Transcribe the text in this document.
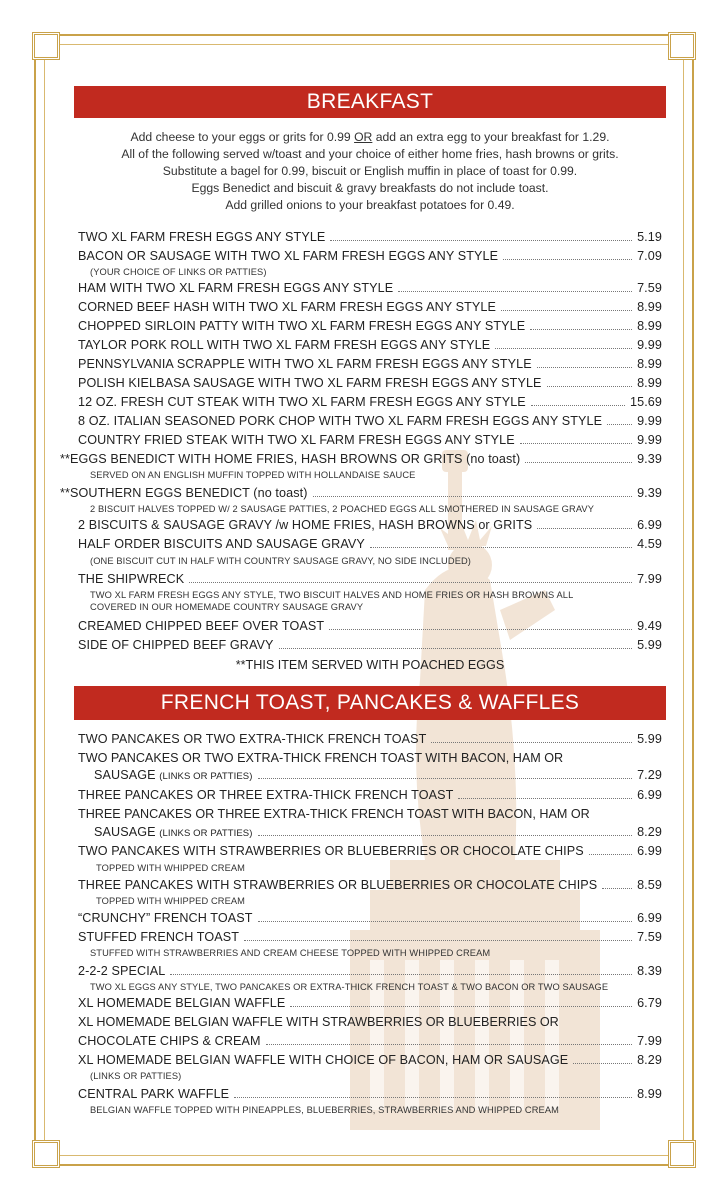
BREAKFAST
Add cheese to your eggs or grits for 0.99 OR add an extra egg to your breakfast for 1.29.
All of the following served w/toast and your choice of either home fries, hash browns or grits.
Substitute a bagel for 0.99, biscuit or English muffin in place of toast for 0.99.
Eggs Benedict and biscuit & gravy breakfasts do not include toast.
Add grilled onions to your breakfast potatoes for 0.49.
TWO XL FARM FRESH EGGS ANY STYLE	5.19
BACON OR SAUSAGE WITH TWO XL FARM FRESH EGGS ANY STYLE	7.09
(YOUR CHOICE OF LINKS OR PATTIES)
HAM WITH TWO XL FARM FRESH EGGS ANY STYLE	7.59
CORNED BEEF HASH WITH TWO XL FARM FRESH EGGS ANY STYLE	8.99
CHOPPED SIRLOIN PATTY WITH TWO XL FARM FRESH EGGS ANY STYLE	8.99
TAYLOR PORK ROLL WITH TWO XL FARM FRESH EGGS ANY STYLE	9.99
PENNSYLVANIA SCRAPPLE WITH TWO XL FARM FRESH EGGS ANY STYLE	8.99
POLISH KIELBASA SAUSAGE WITH TWO XL FARM FRESH EGGS ANY STYLE	8.99
12 OZ. FRESH CUT STEAK WITH TWO XL FARM FRESH EGGS ANY STYLE	15.69
8 OZ. ITALIAN SEASONED PORK CHOP WITH TWO XL FARM FRESH EGGS ANY STYLE	9.99
COUNTRY FRIED STEAK WITH TWO XL FARM FRESH EGGS ANY STYLE	9.99
**EGGS BENEDICT WITH HOME FRIES, HASH BROWNS OR GRITS (no toast)	9.39
SERVED ON AN ENGLISH MUFFIN TOPPED WITH HOLLANDAISE SAUCE
**SOUTHERN EGGS BENEDICT (no toast)	9.39
2 BISCUIT HALVES TOPPED W/ 2 SAUSAGE PATTIES, 2 POACHED EGGS ALL SMOTHERED IN SAUSAGE GRAVY
2 BISCUITS & SAUSAGE GRAVY /w HOME FRIES, HASH BROWNS or GRITS	6.99
HALF ORDER BISCUITS AND SAUSAGE GRAVY	4.59
(ONE BISCUIT CUT IN HALF WITH COUNTRY SAUSAGE GRAVY, NO SIDE INCLUDED)
THE SHIPWRECK	7.99
TWO XL FARM FRESH EGGS ANY STYLE, TWO BISCUIT HALVES AND HOME FRIES OR HASH BROWNS ALL
COVERED IN OUR HOMEMADE COUNTRY SAUSAGE GRAVY
CREAMED CHIPPED BEEF OVER TOAST	9.49
SIDE OF CHIPPED BEEF GRAVY	5.99
**THIS ITEM SERVED WITH POACHED EGGS
FRENCH TOAST, PANCAKES & WAFFLES
TWO PANCAKES OR TWO EXTRA-THICK FRENCH TOAST	5.99
TWO PANCAKES OR TWO EXTRA-THICK FRENCH TOAST WITH BACON, HAM OR
SAUSAGE (LINKS OR PATTIES)	7.29
THREE PANCAKES OR THREE EXTRA-THICK FRENCH TOAST	6.99
THREE PANCAKES OR THREE EXTRA-THICK FRENCH TOAST WITH BACON, HAM OR
SAUSAGE (LINKS OR PATTIES)	8.29
TWO PANCAKES WITH STRAWBERRIES OR BLUEBERRIES OR CHOCOLATE CHIPS	6.99
TOPPED WITH WHIPPED CREAM
THREE PANCAKES WITH STRAWBERRIES OR BLUEBERRIES OR CHOCOLATE CHIPS	8.59
TOPPED WITH WHIPPED CREAM
“CRUNCHY” FRENCH TOAST	6.99
STUFFED FRENCH TOAST	7.59
STUFFED WITH STRAWBERRIES AND CREAM CHEESE TOPPED WITH WHIPPED CREAM
2-2-2 SPECIAL	8.39
TWO XL EGGS ANY STYLE, TWO PANCAKES OR EXTRA-THICK FRENCH TOAST & TWO BACON OR TWO SAUSAGE
XL HOMEMADE BELGIAN WAFFLE	6.79
XL HOMEMADE BELGIAN WAFFLE WITH STRAWBERRIES OR BLUEBERRIES OR
CHOCOLATE CHIPS & CREAM	7.99
XL HOMEMADE BELGIAN WAFFLE WITH CHOICE OF BACON, HAM OR SAUSAGE	8.29
(LINKS OR PATTIES)
CENTRAL PARK WAFFLE	8.99
BELGIAN WAFFLE TOPPED WITH PINEAPPLES, BLUEBERRIES, STRAWBERRIES AND WHIPPED CREAM
